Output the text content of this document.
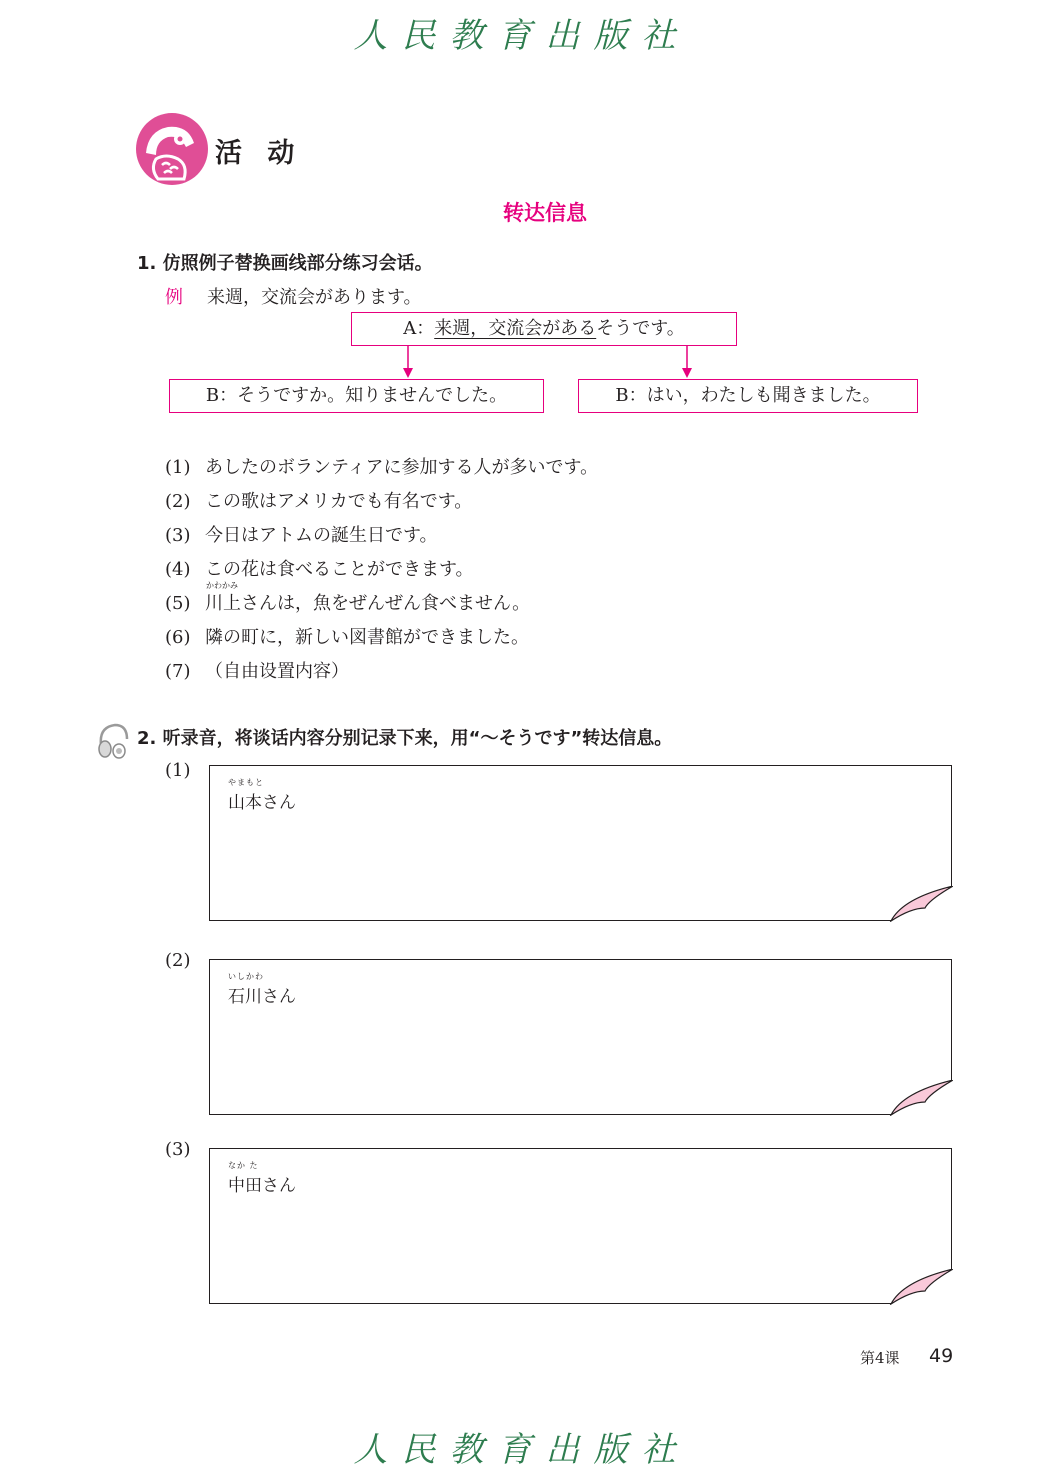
人民教育出版社
活 动
转达信息
1. 仿照例子替换画线部分练习会话。
例 来週，交流会があります。
A：来週，交流会があるそうです。
B：そうですか。知りませんでした。	B：はい，わたしも聞きました。
(1) あしたのボランティアに参加する人が多いです。
(2) この歌はアメリカでも有名です。
(3) 今日はアトムの誕生日です。
(4) この花は食べることができます。
かわかみ
(5) 川上さんは，魚をぜんぜん食べません。
(6) 隣の町に，新しい図書館ができました。
(7) （自由设置内容）
2. 听录音，将谈话内容分别记录下来，用“～そうです”转达信息。
(1)
やまもと
山本さん
(2)
いしかわ
石川さん
(3)
なか た
中田さん
第4课 49
人民教育出版社
